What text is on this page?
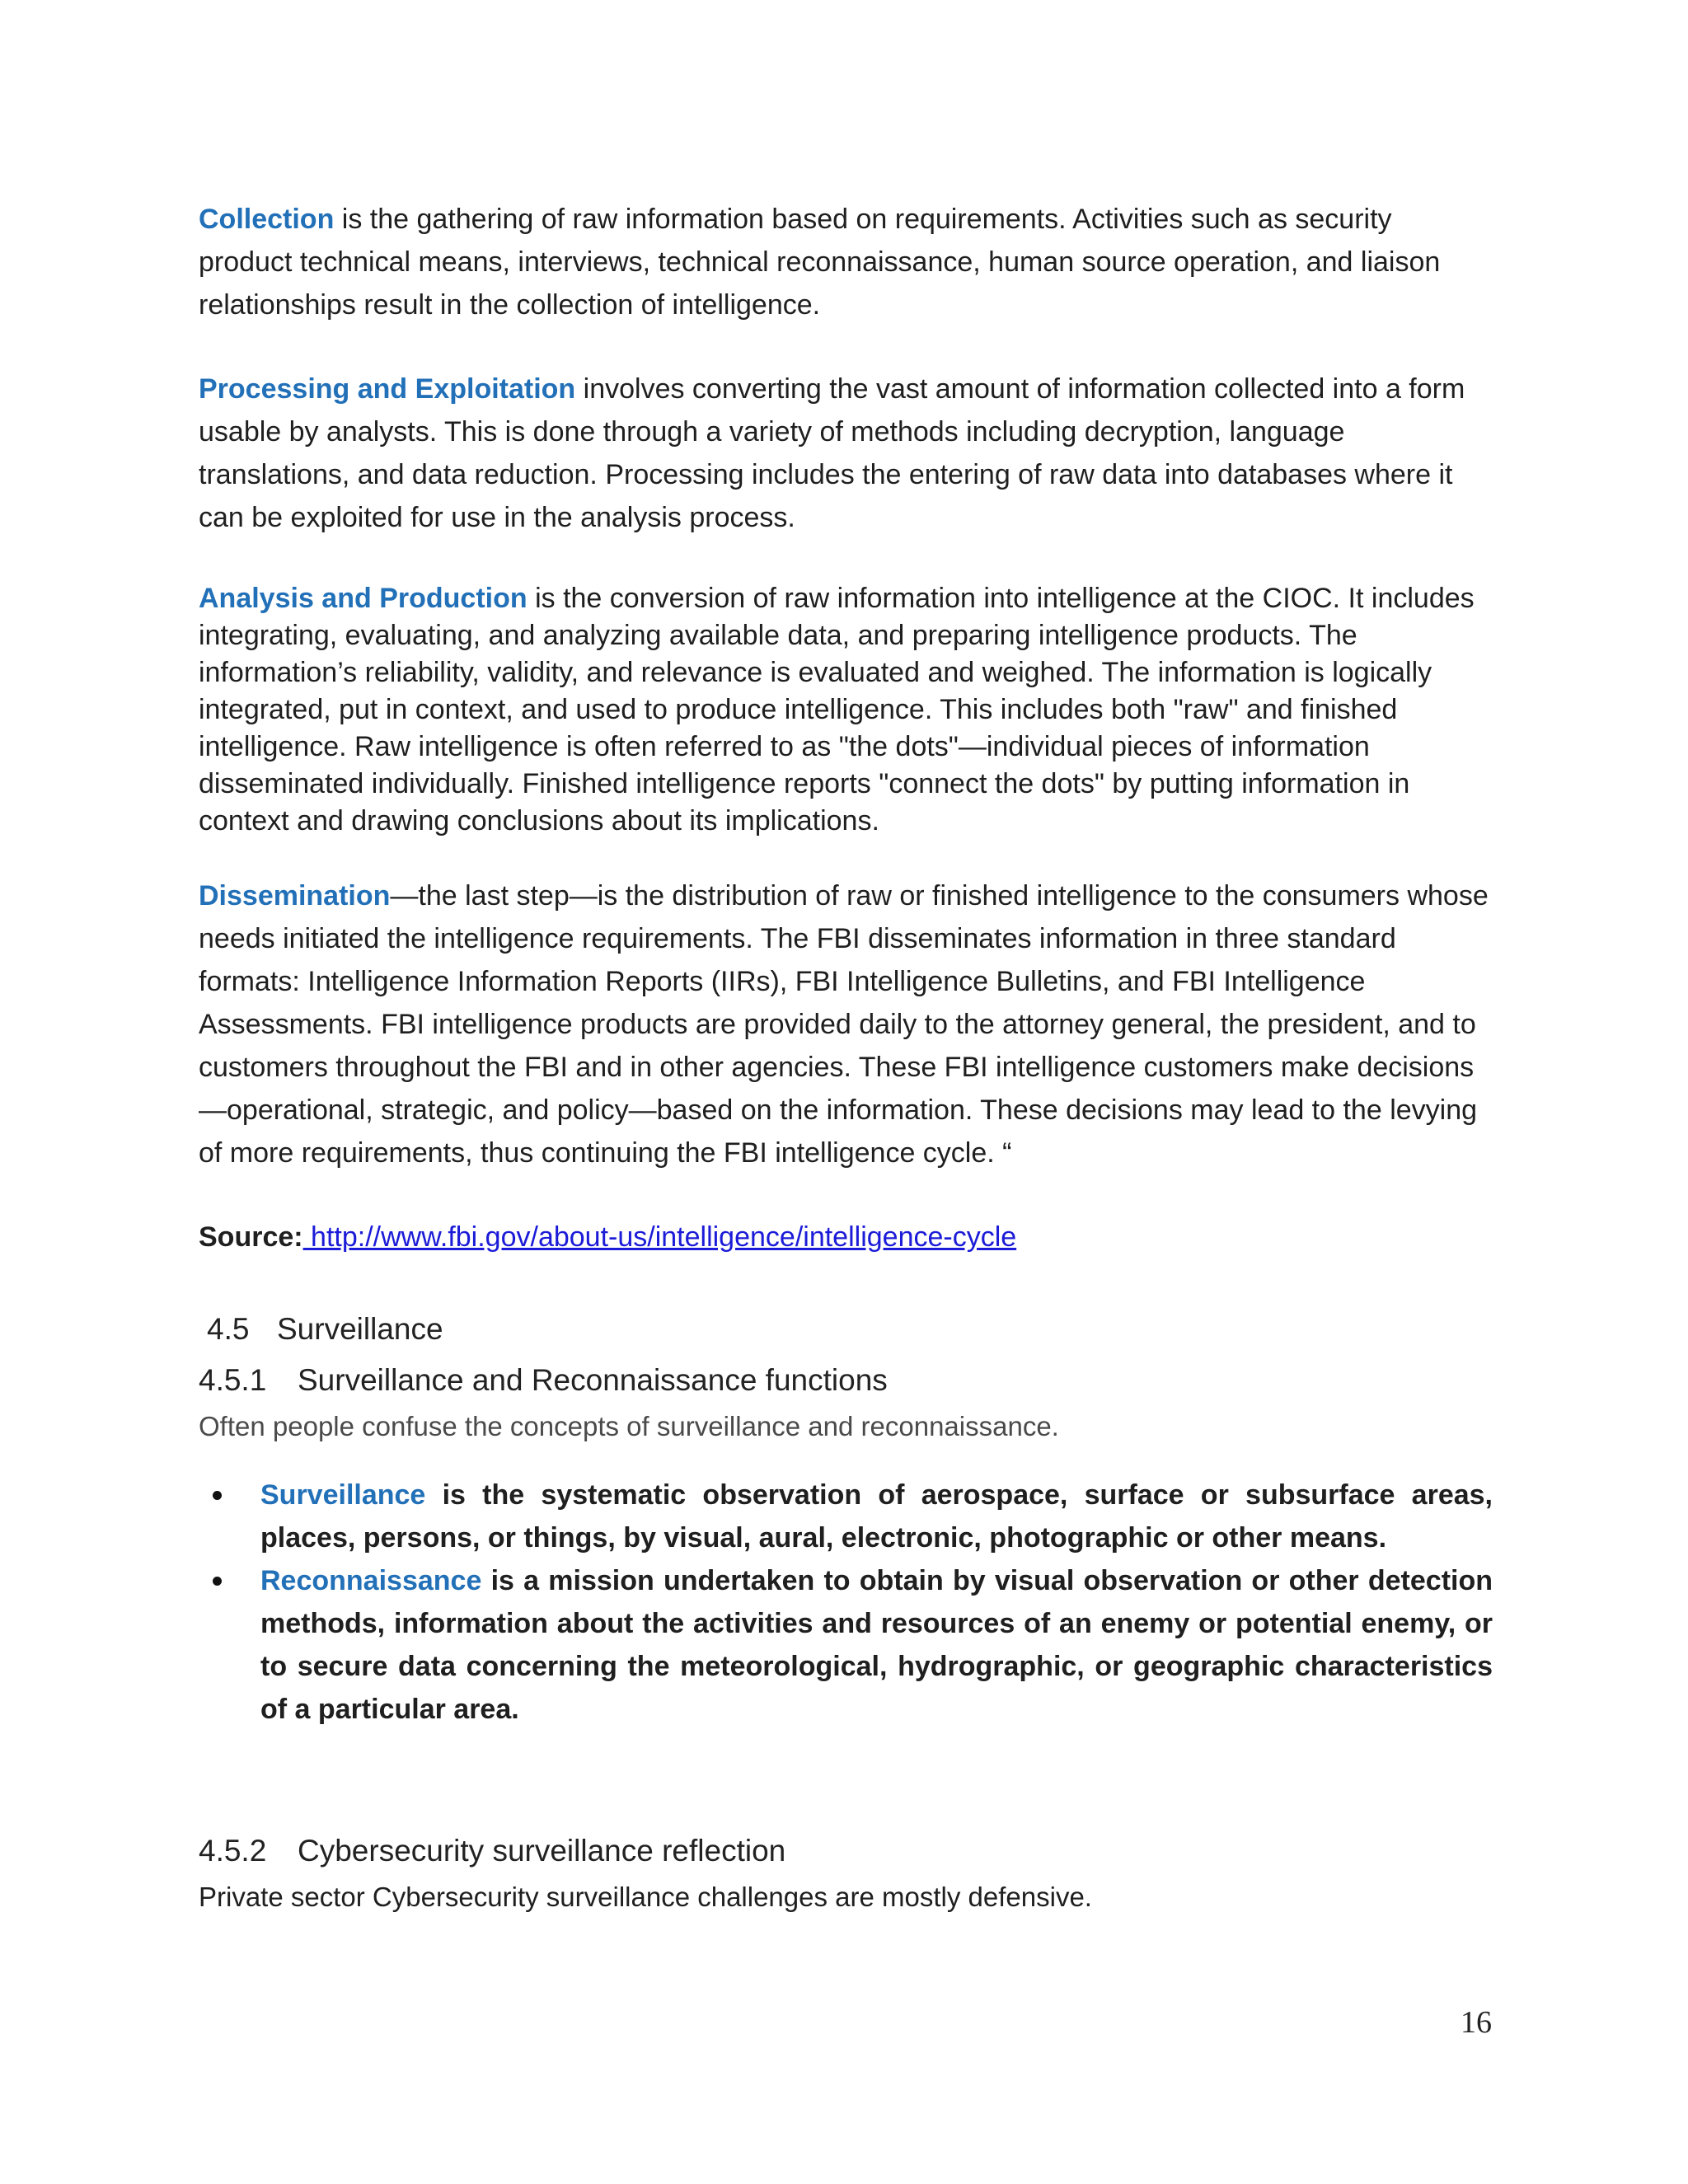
Collection is the gathering of raw information based on requirements. Activities such as security product technical means, interviews, technical reconnaissance, human source operation, and liaison relationships result in the collection of intelligence.

Processing and Exploitation involves converting the vast amount of information collected into a form usable by analysts. This is done through a variety of methods including decryption, language translations, and data reduction. Processing includes the entering of raw data into databases where it can be exploited for use in the analysis process.

Analysis and Production is the conversion of raw information into intelligence at the CIOC. It includes integrating, evaluating, and analyzing available data, and preparing intelligence products. The information’s reliability, validity, and relevance is evaluated and weighed. The information is logically integrated, put in context, and used to produce intelligence. This includes both "raw" and finished intelligence. Raw intelligence is often referred to as "the dots"—individual pieces of information disseminated individually. Finished intelligence reports "connect the dots" by putting information in context and drawing conclusions about its implications.

Dissemination—the last step—is the distribution of raw or finished intelligence to the consumers whose needs initiated the intelligence requirements. The FBI disseminates information in three standard formats: Intelligence Information Reports (IIRs), FBI Intelligence Bulletins, and FBI Intelligence Assessments. FBI intelligence products are provided daily to the attorney general, the president, and to customers throughout the FBI and in other agencies. These FBI intelligence customers make decisions—operational, strategic, and policy—based on the information. These decisions may lead to the levying of more requirements, thus continuing the FBI intelligence cycle. “

Source: http://www.fbi.gov/about-us/intelligence/intelligence-cycle

4.5 Surveillance
4.5.1 Surveillance and Reconnaissance functions

Often people confuse the concepts of surveillance and reconnaissance.

Surveillance is the systematic observation of aerospace, surface or subsurface areas, places, persons, or things, by visual, aural, electronic, photographic or other means.
Reconnaissance is a mission undertaken to obtain by visual observation or other detection methods, information about the activities and resources of an enemy or potential enemy, or to secure data concerning the meteorological, hydrographic, or geographic characteristics of a particular area.
4.5.2 Cybersecurity surveillance reflection

Private sector Cybersecurity surveillance challenges are mostly defensive.

16
